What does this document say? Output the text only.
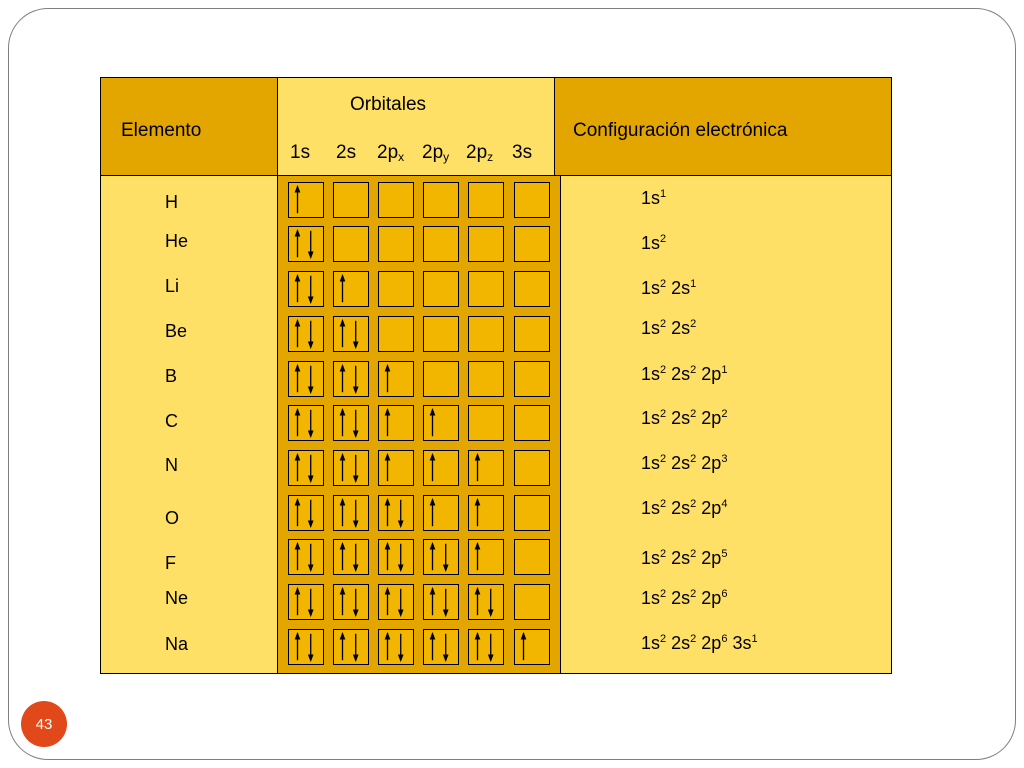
Elemento
Orbitales
1s 2s $2p_x$ $2p_y$ $2p_z$ 3s
Configuración electrónica
H
He
Li
Be
B
C
N
O
F
Ne
Na
$1s^1$
$1s^2$
$1s^2$ $2s^1$
$1s^2$ $2s^2$
$1s^2$ $2s^2$ $2p^1$
$1s^2$ $2s^2$ $2p^2$
$1s^2$ $2s^2$ $2p^3$
$1s^2$ $2s^2$ $2p^4$
$1s^2$ $2s^2$ $2p^5$
$1s^2$ $2s^2$ $2p^6$
$1s^2$ $2s^2$ $2p^6$ $3s^1$
43
